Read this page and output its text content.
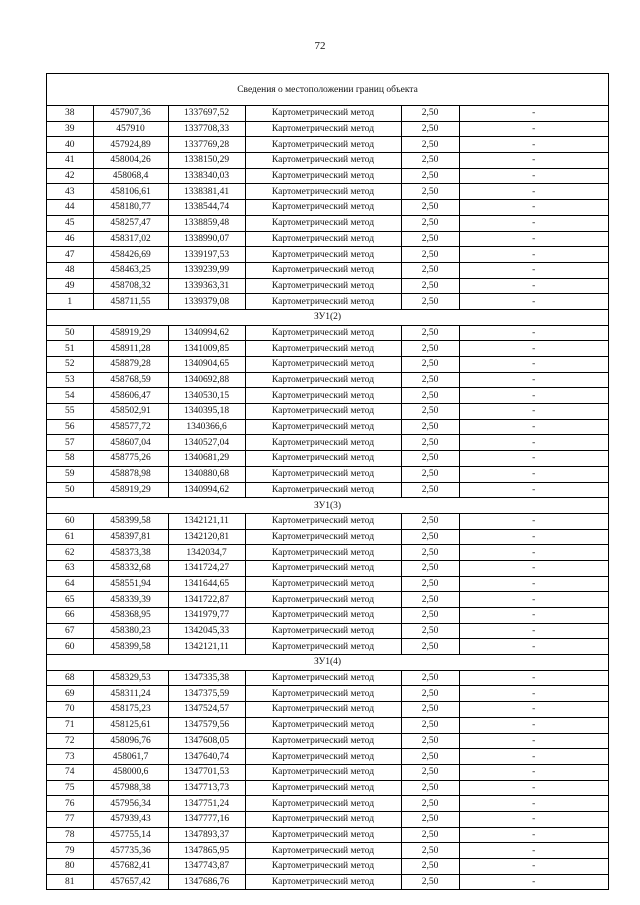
72
Сведения о местоположении границ объекта
38	457907,36	1337697,52	Картометрический метод	2,50	-
39	457910	1337708,33	Картометрический метод	2,50	-
40	457924,89	1337769,28	Картометрический метод	2,50	-
41	458004,26	1338150,29	Картометрический метод	2,50	-
42	458068,4	1338340,03	Картометрический метод	2,50	-
43	458106,61	1338381,41	Картометрический метод	2,50	-
44	458180,77	1338544,74	Картометрический метод	2,50	-
45	458257,47	1338859,48	Картометрический метод	2,50	-
46	458317,02	1338990,07	Картометрический метод	2,50	-
47	458426,69	1339197,53	Картометрический метод	2,50	-
48	458463,25	1339239,99	Картометрический метод	2,50	-
49	458708,32	1339363,31	Картометрический метод	2,50	-
1	458711,55	1339379,08	Картометрический метод	2,50	-
ЗУ1(2)					
50	458919,29	1340994,62	Картометрический метод	2,50	-
51	458911,28	1341009,85	Картометрический метод	2,50	-
52	458879,28	1340904,65	Картометрический метод	2,50	-
53	458768,59	1340692,88	Картометрический метод	2,50	-
54	458606,47	1340530,15	Картометрический метод	2,50	-
55	458502,91	1340395,18	Картометрический метод	2,50	-
56	458577,72	1340366,6	Картометрический метод	2,50	-
57	458607,04	1340527,04	Картометрический метод	2,50	-
58	458775,26	1340681,29	Картометрический метод	2,50	-
59	458878,98	1340880,68	Картометрический метод	2,50	-
50	458919,29	1340994,62	Картометрический метод	2,50	-
ЗУ1(3)					
60	458399,58	1342121,11	Картометрический метод	2,50	-
61	458397,81	1342120,81	Картометрический метод	2,50	-
62	458373,38	1342034,7	Картометрический метод	2,50	-
63	458332,68	1341724,27	Картометрический метод	2,50	-
64	458551,94	1341644,65	Картометрический метод	2,50	-
65	458339,39	1341722,87	Картометрический метод	2,50	-
66	458368,95	1341979,77	Картометрический метод	2,50	-
67	458380,23	1342045,33	Картометрический метод	2,50	-
60	458399,58	1342121,11	Картометрический метод	2,50	-
ЗУ1(4)					
68	458329,53	1347335,38	Картометрический метод	2,50	-
69	458311,24	1347375,59	Картометрический метод	2,50	-
70	458175,23	1347524,57	Картометрический метод	2,50	-
71	458125,61	1347579,56	Картометрический метод	2,50	-
72	458096,76	1347608,05	Картометрический метод	2,50	-
73	458061,7	1347640,74	Картометрический метод	2,50	-
74	458000,6	1347701,53	Картометрический метод	2,50	-
75	457988,38	1347713,73	Картометрический метод	2,50	-
76	457956,34	1347751,24	Картометрический метод	2,50	-
77	457939,43	1347777,16	Картометрический метод	2,50	-
78	457755,14	1347893,37	Картометрический метод	2,50	-
79	457735,36	1347865,95	Картометрический метод	2,50	-
80	457682,41	1347743,87	Картометрический метод	2,50	-
81	457657,42	1347686,76	Картометрический метод	2,50	-
